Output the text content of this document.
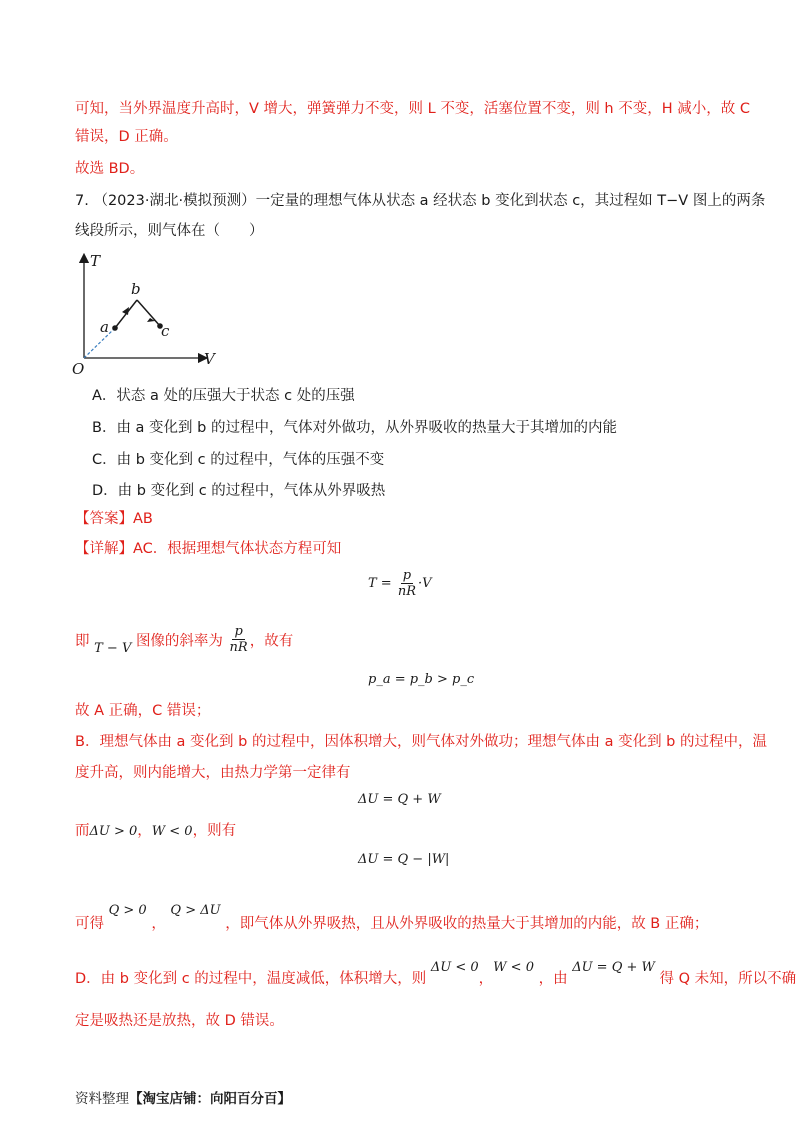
可知，当外界温度升高时，V 增大，弹簧弹力不变，则 L 不变，活塞位置不变，则 h 不变，H 减小，故 C
错误，D 正确。
故选 BD。
7. （2023·湖北·模拟预测）一定量的理想气体从状态 a 经状态 b 变化到状态 c，其过程如 T−V 图上的两条
线段所示，则气体在（　　）
T
V
O
a
b
c
A．状态 a 处的压强大于状态 c 处的压强
B．由 a 变化到 b 的过程中，气体对外做功，从外界吸收的热量大于其增加的内能
C．由 b 变化到 c 的过程中，气体的压强不变
D．由 b 变化到 c 的过程中，气体从外界吸热
【答案】AB
【详解】AC．根据理想气体状态方程可知
$T = \frac{p}{nR} \cdot V$
即 T − V 图像的斜率为 $\frac{p}{nR}$ ，故有
p_a = p_b > p_c
故 A 正确，C 错误；
B．理想气体由 a 变化到 b 的过程中，因体积增大，则气体对外做功；理想气体由 a 变化到 b 的过程中，温
度升高，则内能增大，由热力学第一定律有
ΔU = Q + W
而ΔU > 0，W < 0，则有
ΔU = Q − |W|
可得 Q > 0 ， Q > ΔU ，即气体从外界吸热，且从外界吸收的热量大于其增加的内能，故 B 正确；
D．由 b 变化到 c 的过程中，温度减低，体积增大，则 ΔU < 0，W < 0 ，由 ΔU = Q + W 得 Q 未知，所以不确
定是吸热还是放热，故 D 错误。
资料整理【淘宝店铺：向阳百分百】
